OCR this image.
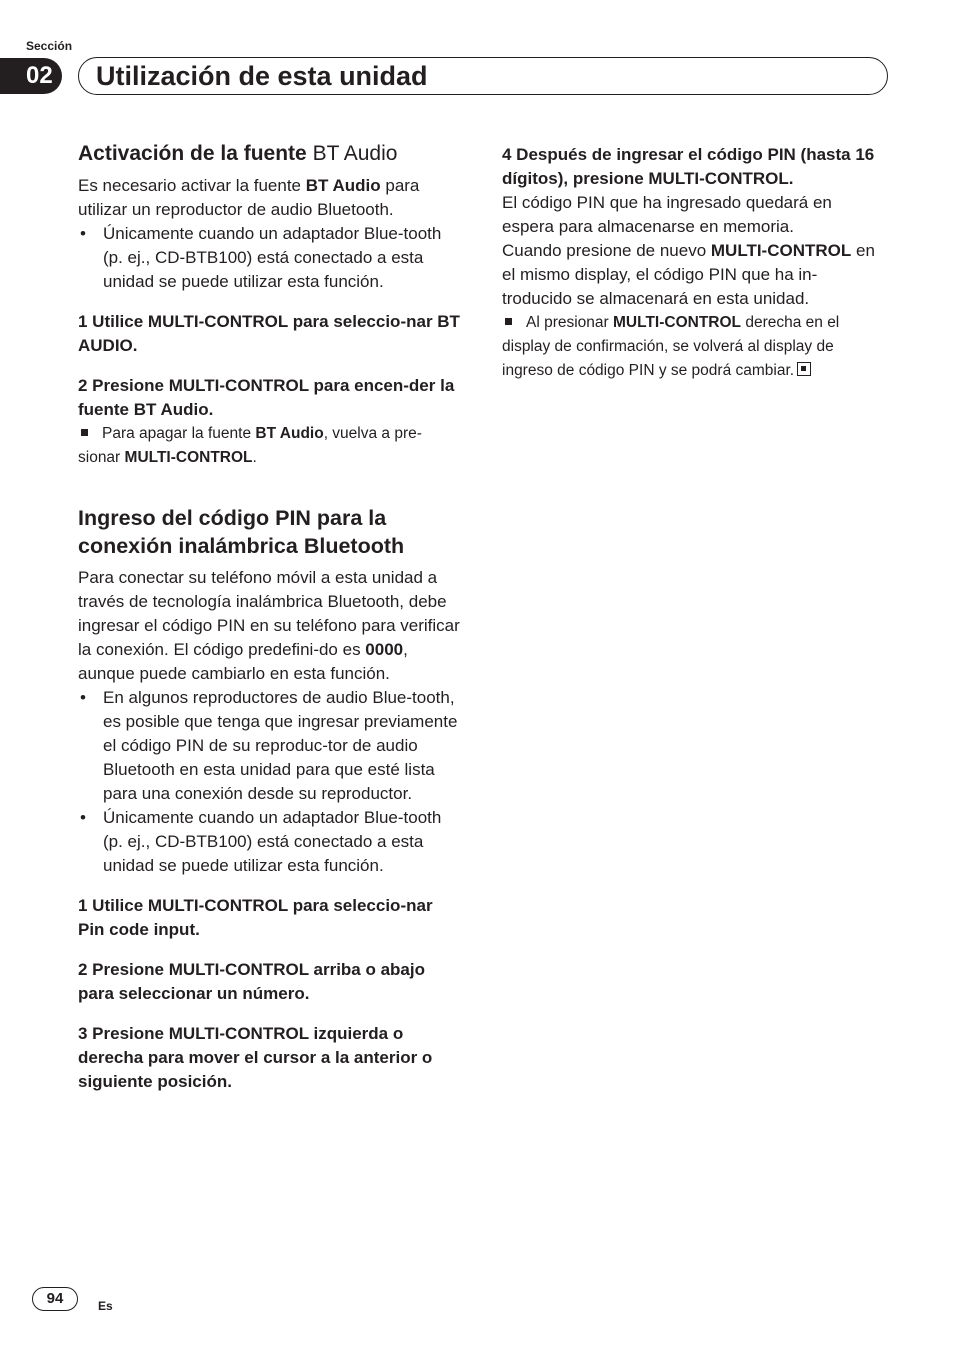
Sección
02	Utilización de esta unidad
Activación de la fuente BT Audio

Es necesario activar la fuente BT Audio para utilizar un reproductor de audio Bluetooth.

• Únicamente cuando un adaptador Blue-tooth (p. ej., CD-BTB100) está conectado a esta unidad se puede utilizar esta función.

1 Utilice MULTI-CONTROL para seleccio-nar BT AUDIO.

2 Presione MULTI-CONTROL para encen-der la fuente BT Audio.

Para apagar la fuente BT Audio, vuelva a pre-sionar MULTI-CONTROL.

Ingreso del código PIN para la conexión inalámbrica Bluetooth

Para conectar su teléfono móvil a esta unidad a través de tecnología inalámbrica Bluetooth, debe ingresar el código PIN en su teléfono para verificar la conexión. El código predefini-do es 0000, aunque puede cambiarlo en esta función.

• En algunos reproductores de audio Blue-tooth, es posible que tenga que ingresar previamente el código PIN de su reproduc-tor de audio Bluetooth en esta unidad para que esté lista para una conexión desde su reproductor.

• Únicamente cuando un adaptador Blue-tooth (p. ej., CD-BTB100) está conectado a esta unidad se puede utilizar esta función.

1 Utilice MULTI-CONTROL para seleccio-nar Pin code input.

2 Presione MULTI-CONTROL arriba o abajo para seleccionar un número.

3 Presione MULTI-CONTROL izquierda o derecha para mover el cursor a la anterior o siguiente posición.

4 Después de ingresar el código PIN (hasta 16 dígitos), presione MULTI-CONTROL.

El código PIN que ha ingresado quedará en espera para almacenarse en memoria.

Cuando presione de nuevo MULTI-CONTROL en el mismo display, el código PIN que ha in-troducido se almacenará en esta unidad.

Al presionar MULTI-CONTROL derecha en el display de confirmación, se volverá al display de ingreso de código PIN y se podrá cambiar.

94	Es
